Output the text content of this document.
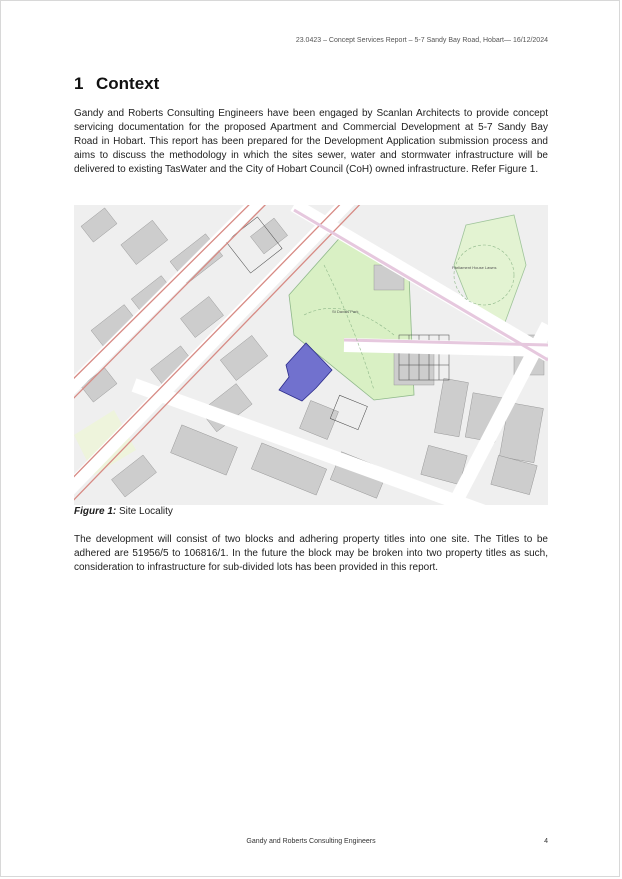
23.0423 – Concept Services Report – 5-7 Sandy Bay Road, Hobart— 16/12/2024
1 Context

Gandy and Roberts Consulting Engineers have been engaged by Scanlan Architects to provide concept servicing documentation for the proposed Apartment and Commercial Development at 5-7 Sandy Bay Road in Hobart. This report has been prepared for the Development Application submission process and aims to discuss the methodology in which the sites sewer, water and stormwater infrastructure will be delivered to existing TasWater and the City of Hobart Council (CoH) owned infrastructure. Refer Figure 1.

St Davids Park
Parliament House Lawns
Figure 1: Site Locality

The development will consist of two blocks and adhering property titles into one site. The Titles to be adhered are 51956/5 to 106816/1. In the future the block may be broken into two property titles as such, consideration to infrastructure for sub-divided lots has been provided in this report.

Gandy and Roberts Consulting Engineers	4
